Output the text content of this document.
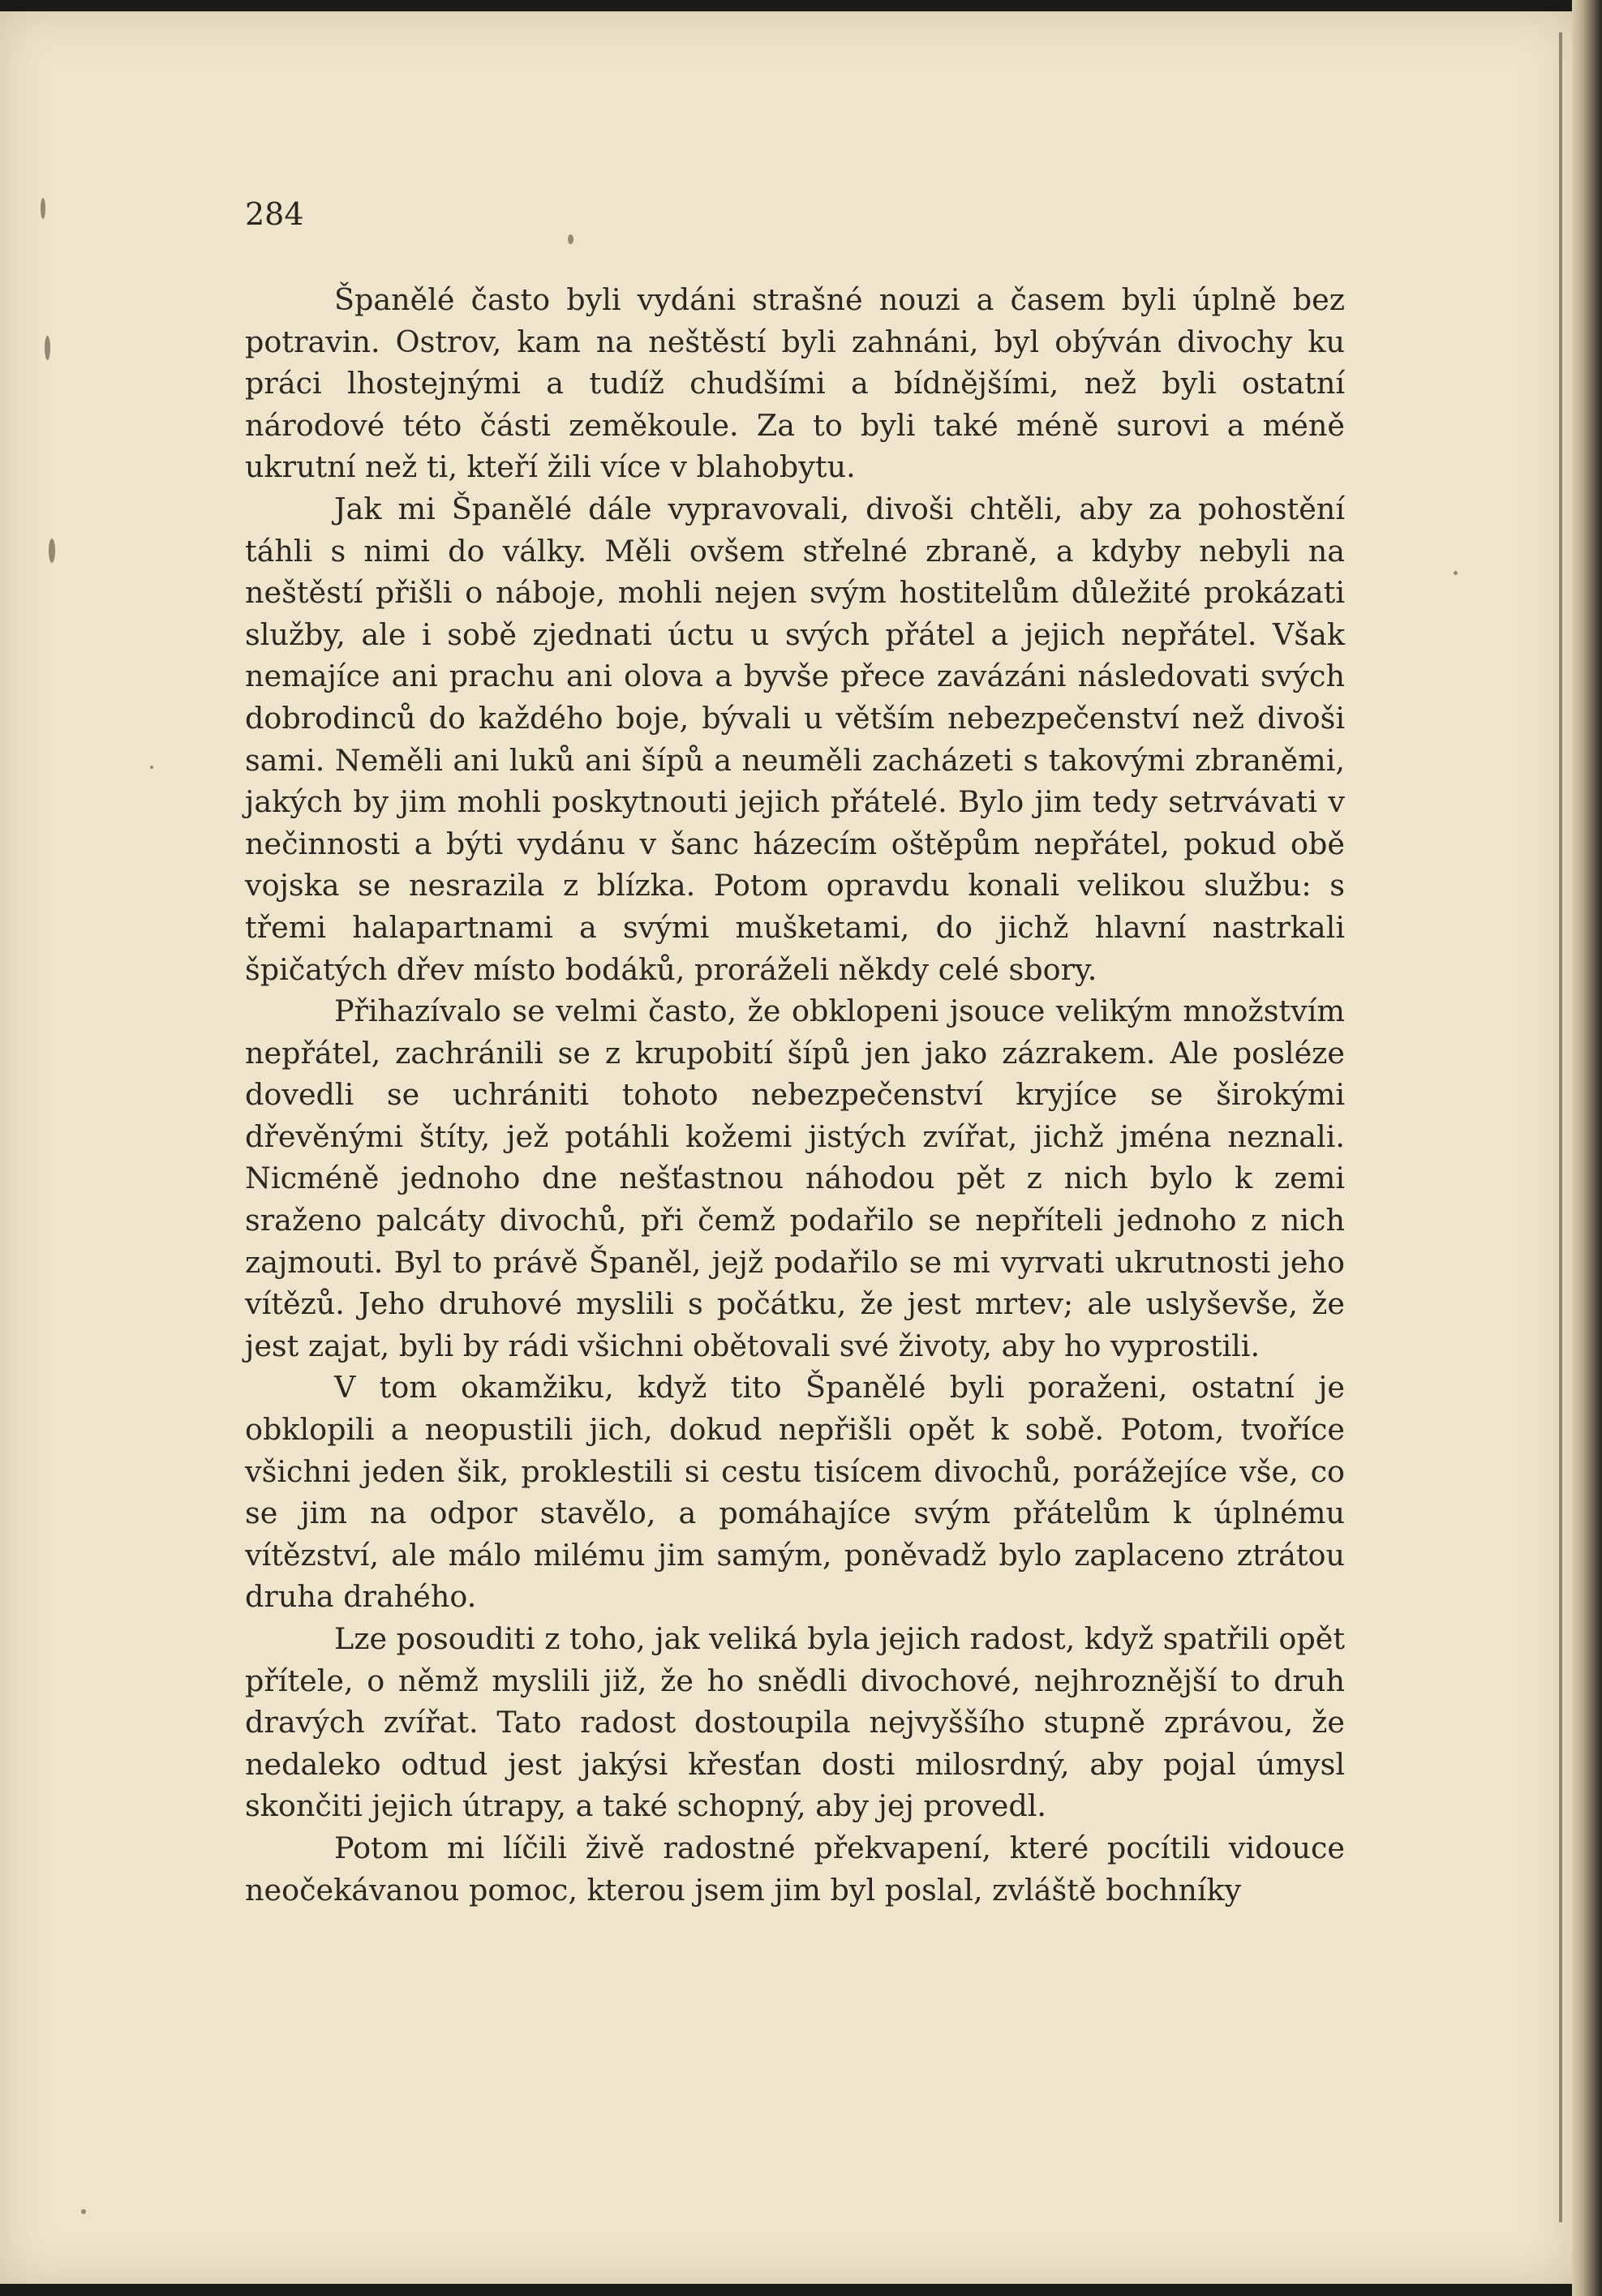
284

Španělé často byli vydáni strašné nouzi a časem byli úplně bez potravin. Ostrov, kam na neštěstí byli zahnáni, byl obýván divochy ku práci lhostejnými a tudíž chudšími a bídnějšími, než byli ostatní národové této části zeměkoule. Za to byli také méně surovi a méně ukrutní než ti, kteří žili více v blahobytu.

Jak mi Španělé dále vypravovali, divoši chtěli, aby za pohostění táhli s nimi do války. Měli ovšem střelné zbraně, a kdyby nebyli na neštěstí přišli o náboje, mohli nejen svým hostitelům důležité prokázati služby, ale i sobě zjednati úctu u svých přátel a jejich nepřátel. Však nemajíce ani prachu ani olova a byvše přece zavázáni následovati svých dobrodinců do každého boje, bývali u větším nebezpečenství než divoši sami. Neměli ani luků ani šípů a neuměli zacházeti s takovými zbraněmi, jakých by jim mohli poskytnouti jejich přátelé. Bylo jim tedy setrvávati v nečinnosti a býti vydánu v šanc házecím oštěpům nepřátel, pokud obě vojska se nesrazila z blízka. Potom opravdu konali velikou službu: s třemi halapartnami a svými mušketami, do jichž hlavní nastrkali špičatých dřev místo bodáků, proráželi někdy celé sbory.

Přihazívalo se velmi často, že obklopeni jsouce velikým množstvím nepřátel, zachránili se z krupobití šípů jen jako zázrakem. Ale posléze dovedli se uchrániti tohoto nebezpečenství kryjíce se širokými dřevěnými štíty, jež potáhli kožemi jistých zvířat, jichž jména neznali. Nicméně jednoho dne nešťastnou náhodou pět z nich bylo k zemi sraženo palcáty divochů, při čemž podařilo se nepříteli jednoho z nich zajmouti. Byl to právě Španěl, jejž podařilo se mi vyrvati ukrutnosti jeho vítězů. Jeho druhové myslili s počátku, že jest mrtev; ale uslyševše, že jest zajat, byli by rádi všichni obětovali své životy, aby ho vyprostili.

V tom okamžiku, když tito Španělé byli poraženi, ostatní je obklopili a neopustili jich, dokud nepřišli opět k sobě. Potom, tvoříce všichni jeden šik, proklestili si cestu tisícem divochů, porážejíce vše, co se jim na odpor stavělo, a pomáhajíce svým přátelům k úplnému vítězství, ale málo milému jim samým, poněvadž bylo zaplaceno ztrátou druha drahého.

Lze posouditi z toho, jak veliká byla jejich radost, když spatřili opět přítele, o němž myslili již, že ho snědli divochové, nejhroznější to druh dravých zvířat. Tato radost dostoupila nejvyššího stupně zprávou, že nedaleko odtud jest jakýsi křesťan dosti milosrdný, aby pojal úmysl skončiti jejich útrapy, a také schopný, aby jej provedl.

Potom mi líčili živě radostné překvapení, které pocítili vidouce neočekávanou pomoc, kterou jsem jim byl poslal, zvláště bochníky
